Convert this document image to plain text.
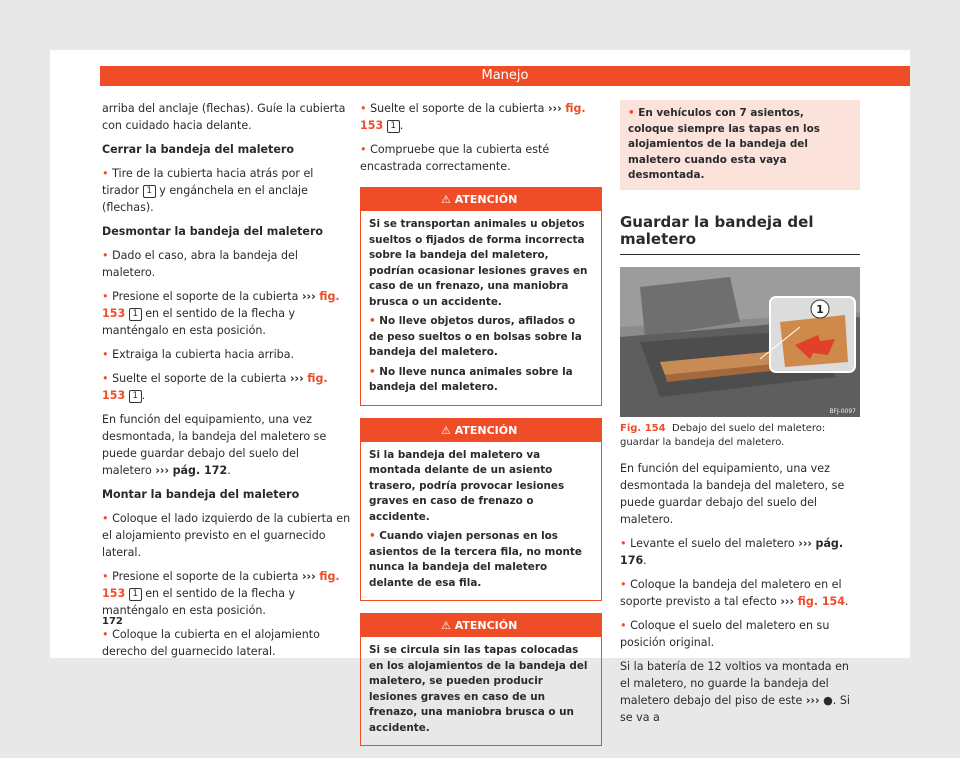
Manejo

arriba del anclaje (flechas). Guíe la cubierta con cuidado hacia delante.

Cerrar la bandeja del maletero

• Tire de la cubierta hacia atrás por el tirador 1 y engánchela en el anclaje (flechas).

Desmontar la bandeja del maletero

• Dado el caso, abra la bandeja del maletero.

• Presione el soporte de la cubierta ››› fig. 153 1 en el sentido de la flecha y manténgalo en esta posición.

• Extraiga la cubierta hacia arriba.

• Suelte el soporte de la cubierta ››› fig. 153 1 .

En función del equipamiento, una vez desmontada, la bandeja del maletero se puede guardar debajo del suelo del maletero ››› pág. 172.

Montar la bandeja del maletero

• Coloque el lado izquierdo de la cubierta en el alojamiento previsto en el guarnecido lateral.

• Presione el soporte de la cubierta ››› fig. 153 1 en el sentido de la flecha y manténgalo en esta posición.

• Coloque la cubierta en el alojamiento derecho del guarnecido lateral.

• Suelte el soporte de la cubierta ››› fig. 153 1 .

• Compruebe que la cubierta esté encastrada correctamente.

⚠ ATENCIÓN

Si se transportan animales u objetos sueltos o fijados de forma incorrecta sobre la bandeja del maletero, podrían ocasionar lesiones graves en caso de un frenazo, una maniobra brusca o un accidente.

• No lleve objetos duros, afilados o de peso sueltos o en bolsas sobre la bandeja del maletero.

• No lleve nunca animales sobre la bandeja del maletero.

⚠ ATENCIÓN

Si la bandeja del maletero va montada delante de un asiento trasero, podría provocar lesiones graves en caso de frenazo o accidente.

• Cuando viajen personas en los asientos de la tercera fila, no monte nunca la bandeja del maletero delante de esa fila.

⚠ ATENCIÓN

Si se circula sin las tapas colocadas en los alojamientos de la bandeja del maletero, se pueden producir lesiones graves en caso de un frenazo, una maniobra brusca o un accidente.

• En vehículos con 7 asientos, coloque siempre las tapas en los alojamientos de la bandeja del maletero cuando esta vaya desmontada.
Guardar la bandeja del maletero
1
BFJ-0097
Fig. 154 Debajo del suelo del maletero: guardar la bandeja del maletero.

En función del equipamiento, una vez desmontada la bandeja del maletero, se puede guardar debajo del suelo del maletero.

• Levante el suelo del maletero ››› pág. 176.

• Coloque la bandeja del maletero en el soporte previsto a tal efecto ››› fig. 154.

• Coloque el suelo del maletero en su posición original.

Si la batería de 12 voltios va montada en el maletero, no guarde la bandeja del maletero debajo del piso de este ››› ●. Si se va a

172
